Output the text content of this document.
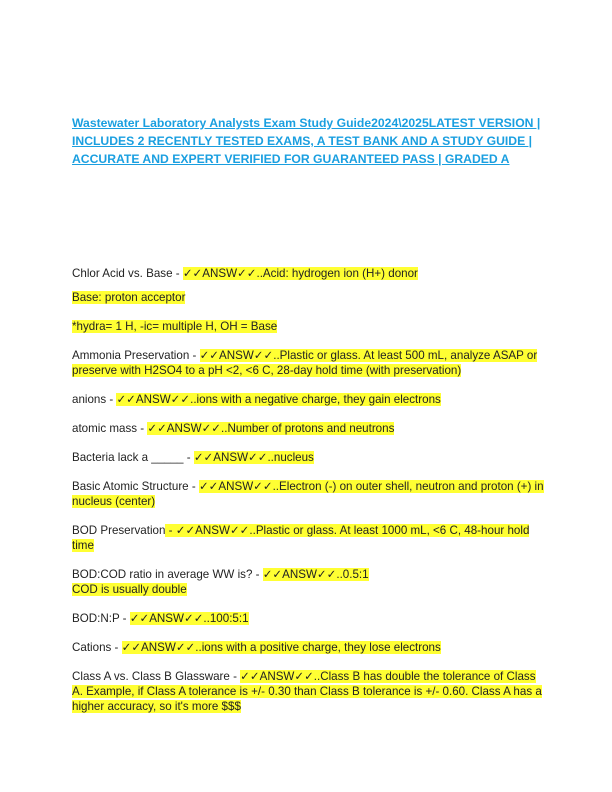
Wastewater Laboratory Analysts Exam Study Guide2024\2025LATEST VERSION | INCLUDES 2 RECENTLY TESTED EXAMS, A TEST BANK AND A STUDY GUIDE | ACCURATE AND EXPERT VERIFIED FOR GUARANTEED PASS | GRADED A

Chlor Acid vs. Base - ✓✓ANSW✓✓..Acid: hydrogen ion (H+) donor

Base: proton acceptor

*hydra= 1 H, -ic= multiple H, OH = Base

Ammonia Preservation - ✓✓ANSW✓✓..Plastic or glass. At least 500 mL, analyze ASAP or preserve with H2SO4 to a pH <2, <6 C, 28-day hold time (with preservation)

anions - ✓✓ANSW✓✓..ions with a negative charge, they gain electrons

atomic mass - ✓✓ANSW✓✓..Number of protons and neutrons

Bacteria lack a _____ - ✓✓ANSW✓✓..nucleus

Basic Atomic Structure - ✓✓ANSW✓✓..Electron (-) on outer shell, neutron and proton (+) in nucleus (center)

BOD Preservation - ✓✓ANSW✓✓..Plastic or glass. At least 1000 mL, <6 C, 48-hour hold time

BOD:COD ratio in average WW is? - ✓✓ANSW✓✓..0.5:1
COD is usually double

BOD:N:P - ✓✓ANSW✓✓..100:5:1

Cations - ✓✓ANSW✓✓..ions with a positive charge, they lose electrons

Class A vs. Class B Glassware - ✓✓ANSW✓✓..Class B has double the tolerance of Class A. Example, if Class A tolerance is +/- 0.30 than Class B tolerance is +/- 0.60. Class A has a higher accuracy, so it's more $$$
